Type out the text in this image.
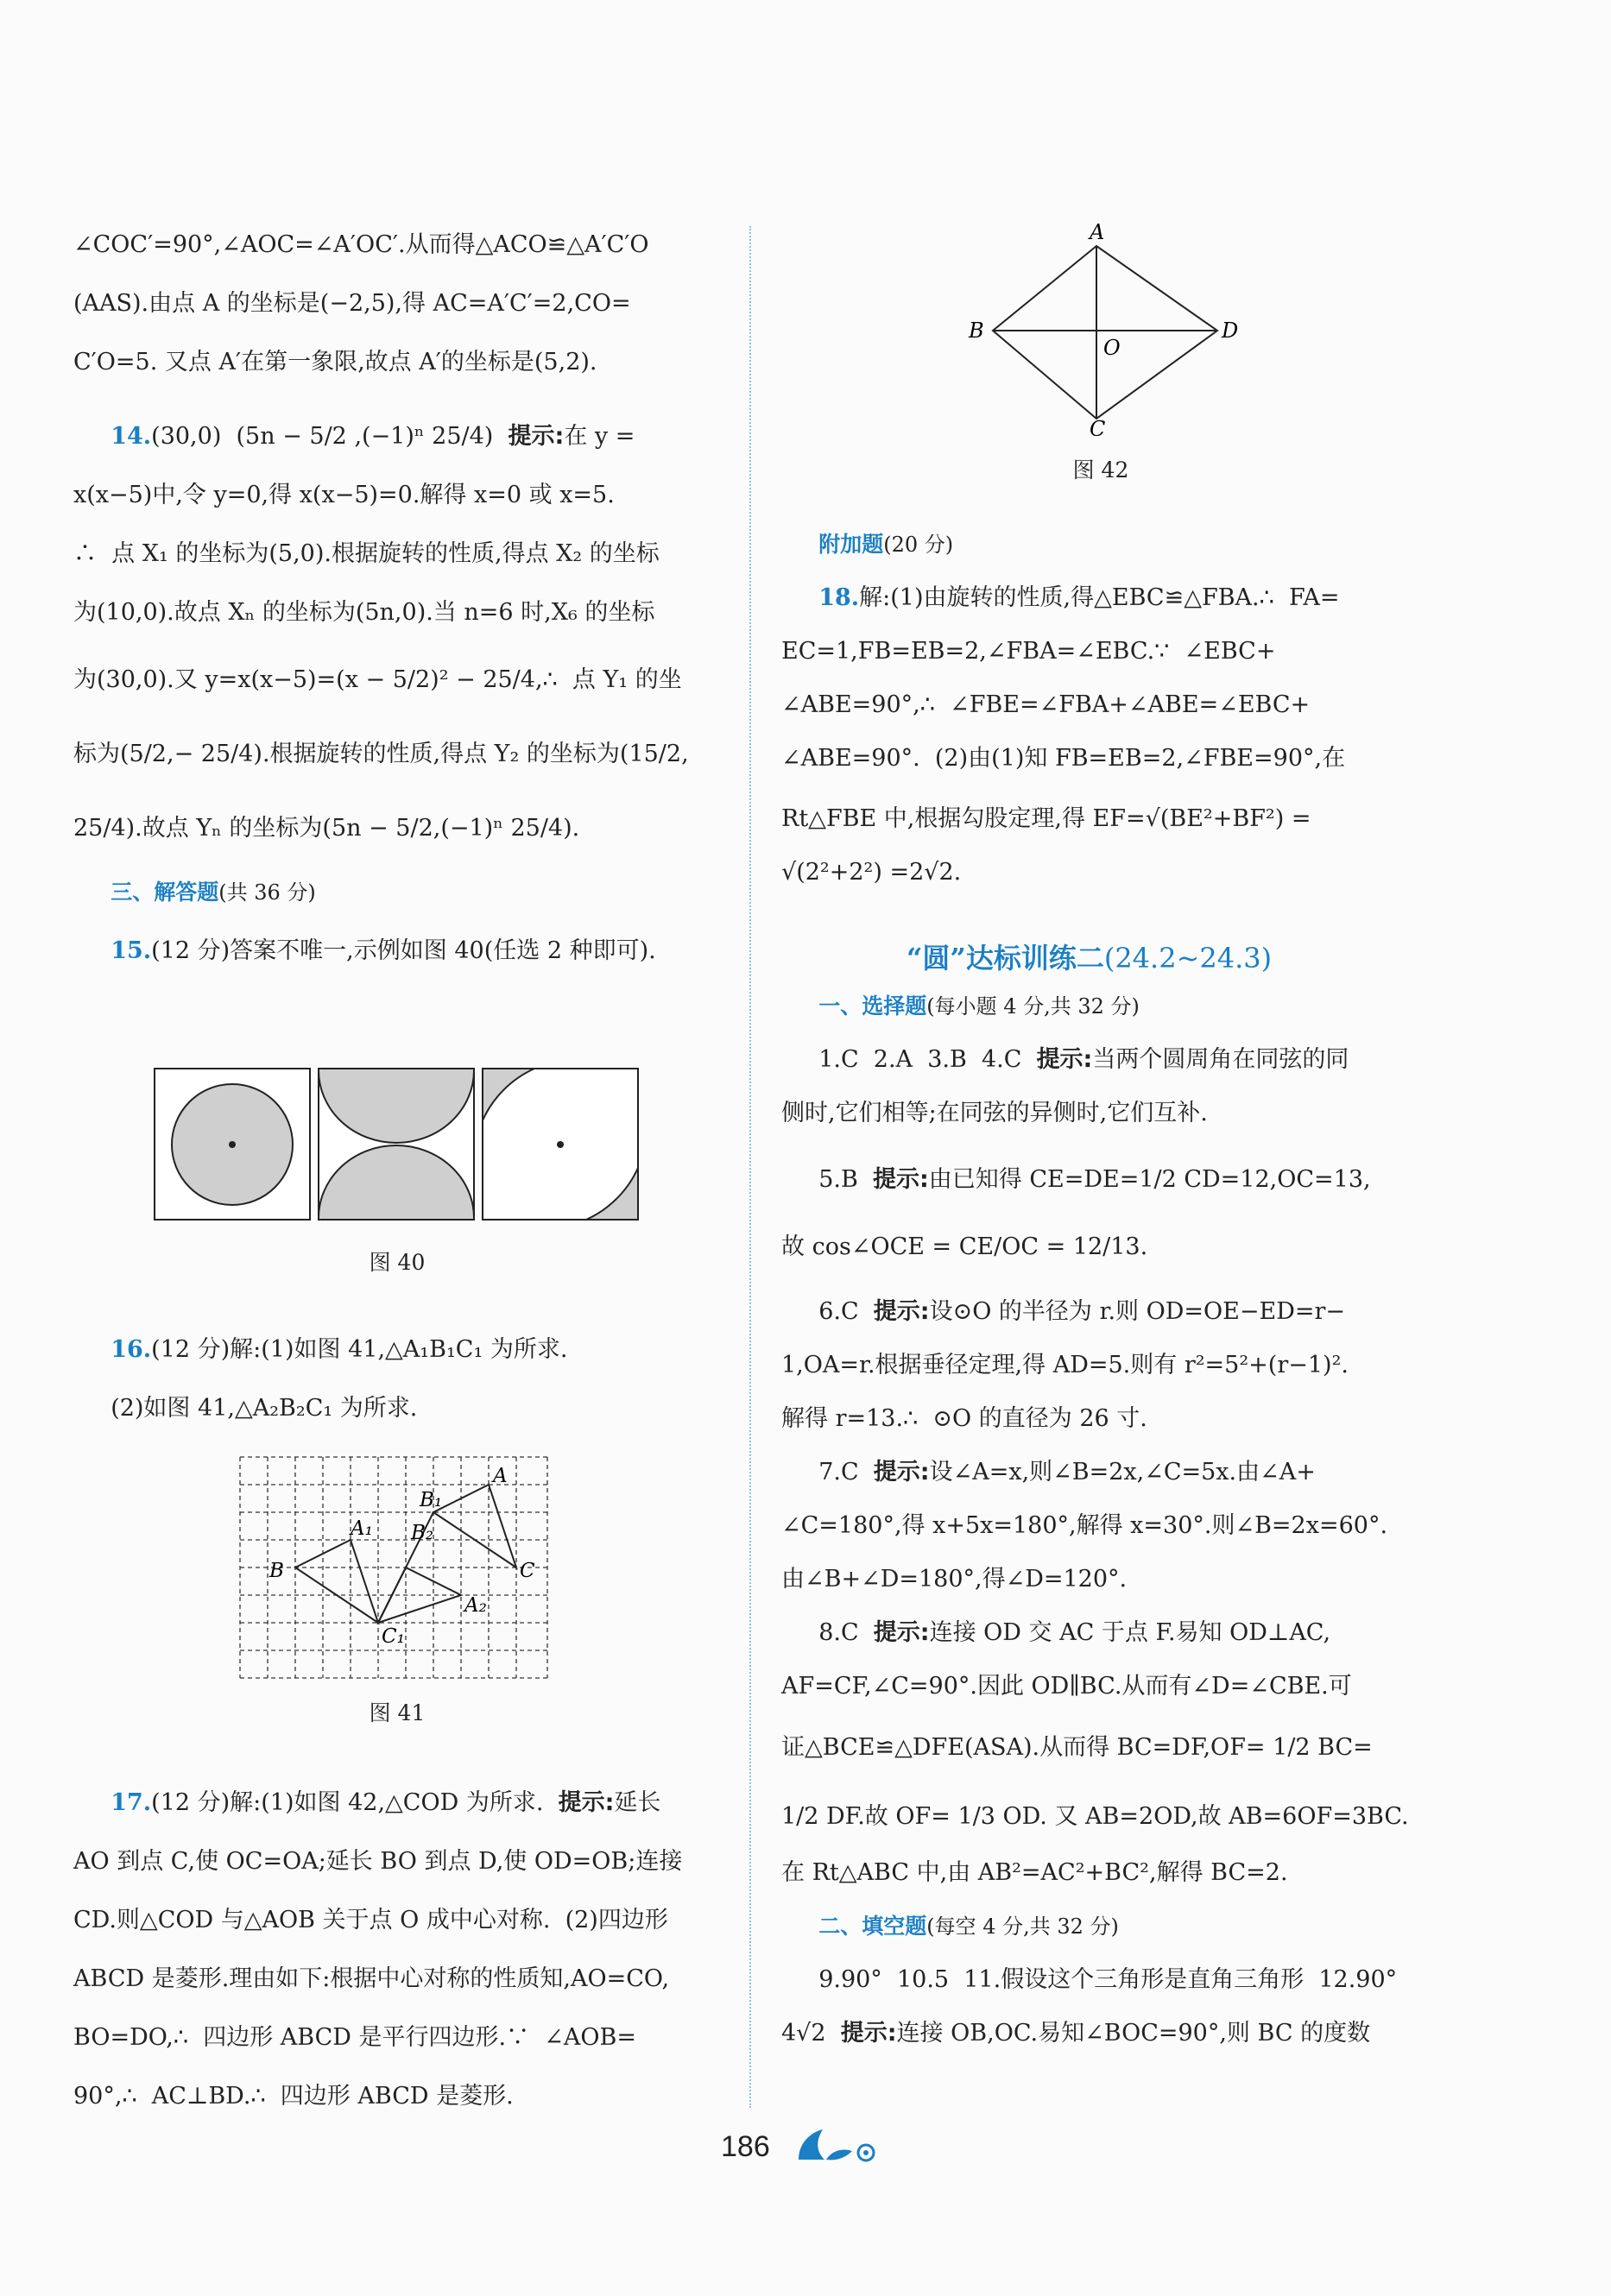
∠COC′=90°,∠AOC=∠A′OC′.从而得△ACO≌△A′C′O

(AAS).由点 A 的坐标是(−2,5),得 AC=A′C′=2,CO=

C′O=5. 又点 A′在第一象限,故点 A′的坐标是(5,2).

14.(30,0)  (5n − 5/2 ,(−1)ⁿ 25/4) 提示:在 y =

x(x−5)中,令 y=0,得 x(x−5)=0.解得 x=0 或 x=5.

∴  点 X₁ 的坐标为(5,0).根据旋转的性质,得点 X₂ 的坐标

为(10,0).故点 Xₙ 的坐标为(5n,0).当 n=6 时,X₆ 的坐标

为(30,0).又 y=x(x−5)=(x − 5/2)² − 25/4,∴  点 Y₁ 的坐

标为(5/2,− 25/4).根据旋转的性质,得点 Y₂ 的坐标为(15/2,

25/4).故点 Yₙ 的坐标为(5n − 5/2,(−1)ⁿ 25/4).

三、解答题(共 36 分)

15.(12 分)答案不唯一,示例如图 40(任选 2 种即可).

图 40

16.(12 分)解:(1)如图 41,△A₁B₁C₁ 为所求.

(2)如图 41,△A₂B₂C₁ 为所求.

A
B₁
A₁ B₂
B	C
A₂
C₁
图 41

17.(12 分)解:(1)如图 42,△COD 为所求. 提示:延长

AO 到点 C,使 OC=OA;延长 BO 到点 D,使 OD=OB;连接

CD.则△COD 与△AOB 关于点 O 成中心对称.  (2)四边形

ABCD 是菱形.理由如下:根据中心对称的性质知,AO=CO,

BO=DO,∴  四边形 ABCD 是平行四边形.∵  ∠AOB=

90°,∴  AC⊥BD.∴  四边形 ABCD 是菱形.

A
B	D
O
C
图 42

附加题(20 分)

18.解:(1)由旋转的性质,得△EBC≌△FBA.∴  FA=

EC=1,FB=EB=2,∠FBA=∠EBC.∵  ∠EBC+

∠ABE=90°,∴  ∠FBE=∠FBA+∠ABE=∠EBC+

∠ABE=90°.  (2)由(1)知 FB=EB=2,∠FBE=90°,在

Rt△FBE 中,根据勾股定理,得 EF=√(BE²+BF²) =

√(2²+2²) =2√2.

“圆”达标训练二(24.2~24.3)

一、选择题(每小题 4 分,共 32 分)

1.C  2.A  3.B  4.C 提示:当两个圆周角在同弦的同

侧时,它们相等;在同弦的异侧时,它们互补.

5.B 提示:由已知得 CE=DE=1/2 CD=12,OC=13,

故 cos∠OCE = CE/OC = 12/13.

6.C 提示:设⊙O 的半径为 r.则 OD=OE−ED=r−

1,OA=r.根据垂径定理,得 AD=5.则有 r²=5²+(r−1)².

解得 r=13.∴  ⊙O 的直径为 26 寸.

7.C 提示:设∠A=x,则∠B=2x,∠C=5x.由∠A+

∠C=180°,得 x+5x=180°,解得 x=30°.则∠B=2x=60°.

由∠B+∠D=180°,得∠D=120°.

8.C 提示:连接 OD 交 AC 于点 F.易知 OD⊥AC,

AF=CF,∠C=90°.因此 OD∥BC.从而有∠D=∠CBE.可

证△BCE≌△DFE(ASA).从而得 BC=DF,OF= 1/2 BC=

1/2 DF.故 OF= 1/3 OD. 又 AB=2OD,故 AB=6OF=3BC.

在 Rt△ABC 中,由 AB²=AC²+BC²,解得 BC=2.

二、填空题(每空 4 分,共 32 分)

9.90°  10.5  11.假设这个三角形是直角三角形  12.90°

4√2 提示:连接 OB,OC.易知∠BOC=90°,则 BC 的度数

186
